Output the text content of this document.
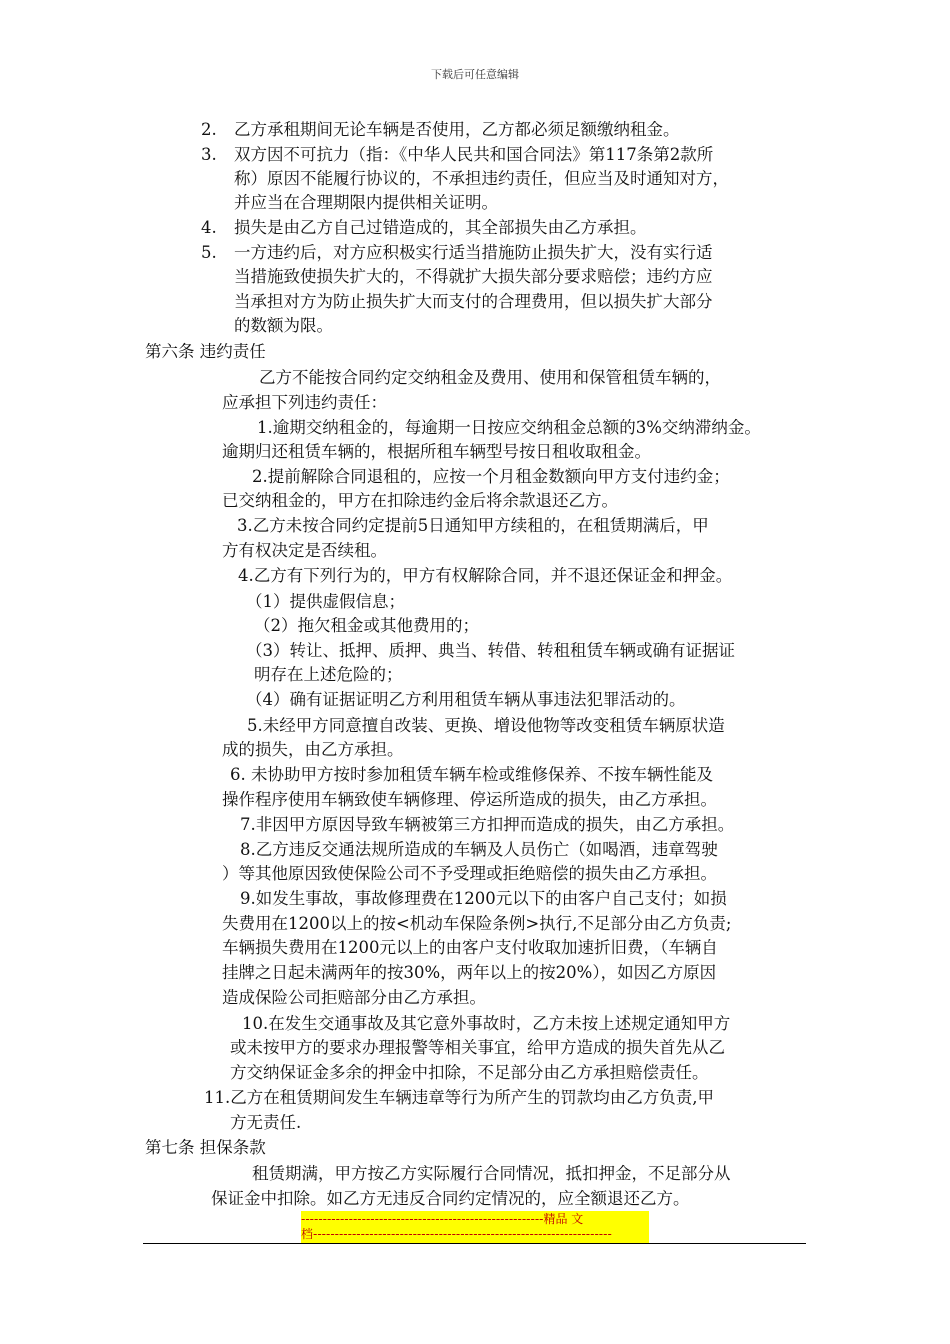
下载后可任意编辑
2. 乙方承租期间无论车辆是否使用，乙方都必须足额缴纳租金。
3. 双方因不可抗力（指：《中华人民共和国合同法》第117条第2款所
称）原因不能履行协议的，不承担违约责任，但应当及时通知对方，
并应当在合理期限内提供相关证明。
4. 损失是由乙方自己过错造成的，其全部损失由乙方承担。
5. 一方违约后，对方应积极实行适当措施防止损失扩大，没有实行适
当措施致使损失扩大的，不得就扩大损失部分要求赔偿；违约方应
当承担对方为防止损失扩大而支付的合理费用，但以损失扩大部分
的数额为限。
第六条 违约责任
乙方不能按合同约定交纳租金及费用、使用和保管租赁车辆的，
应承担下列违约责任：
1.逾期交纳租金的，每逾期一日按应交纳租金总额的3%交纳滞纳金。
逾期归还租赁车辆的，根据所租车辆型号按日租收取租金。
2.提前解除合同退租的，应按一个月租金数额向甲方支付违约金；
已交纳租金的，甲方在扣除违约金后将余款退还乙方。
3.乙方未按合同约定提前5日通知甲方续租的，在租赁期满后，甲
方有权决定是否续租。
4.乙方有下列行为的，甲方有权解除合同，并不退还保证金和押金。
（1）提供虚假信息；
（2）拖欠租金或其他费用的；
（3）转让、抵押、质押、典当、转借、转租租赁车辆或确有证据证
明存在上述危险的；
（4）确有证据证明乙方利用租赁车辆从事违法犯罪活动的。
5.未经甲方同意擅自改装、更换、增设他物等改变租赁车辆原状造
成的损失，由乙方承担。
6. 未协助甲方按时参加租赁车辆车检或维修保养、不按车辆性能及
操作程序使用车辆致使车辆修理、停运所造成的损失，由乙方承担。
7.非因甲方原因导致车辆被第三方扣押而造成的损失，由乙方承担。
8.乙方违反交通法规所造成的车辆及人员伤亡（如喝酒，违章驾驶
）等其他原因致使保险公司不予受理或拒绝赔偿的损失由乙方承担。
9.如发生事故，事故修理费在1200元以下的由客户自己支付；如损
失费用在1200以上的按<机动车保险条例>执行,不足部分由乙方负责;
车辆损失费用在1200元以上的由客户支付收取加速折旧费，（车辆自
挂牌之日起未满两年的按30%，两年以上的按20%），如因乙方原因
造成保险公司拒赔部分由乙方承担。
10.在发生交通事故及其它意外事故时，乙方未按上述规定通知甲方
或未按甲方的要求办理报警等相关事宜，给甲方造成的损失首先从乙
方交纳保证金多余的押金中扣除，不足部分由乙方承担赔偿责任。
11.乙方在租赁期间发生车辆违章等行为所产生的罚款均由乙方负责,甲
方无责任.
第七条 担保条款
租赁期满，甲方按乙方实际履行合同情况，抵扣押金，不足部分从
保证金中扣除。如乙方无违反合同约定情况的，应全额退还乙方。
--------------------------------------------------------精品 文
档---------------------------------------------------------------------
